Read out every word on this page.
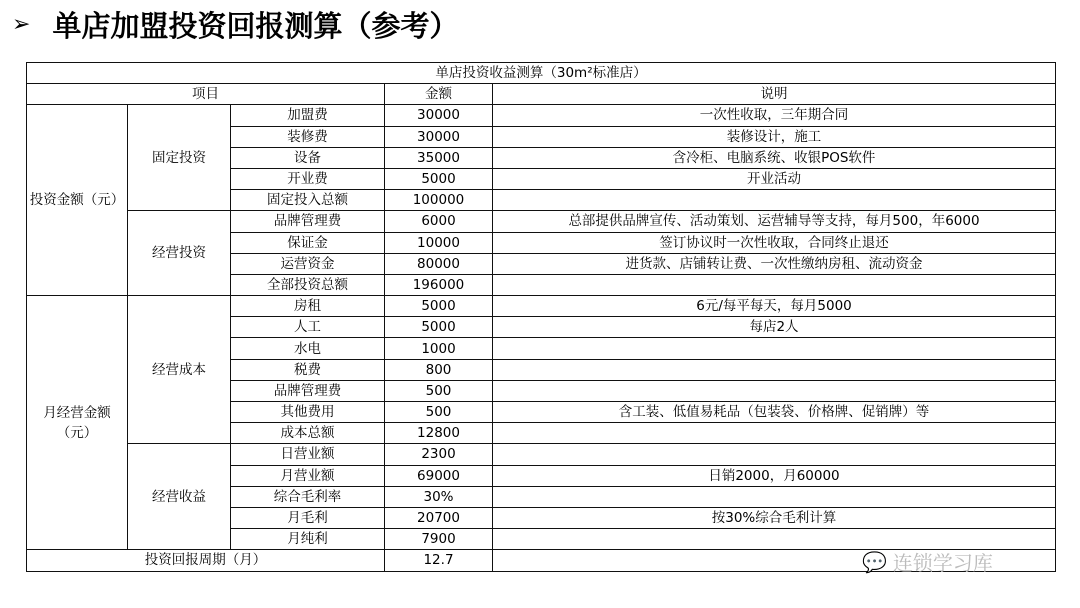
➢ 单店加盟投资回报测算（参考）
单店投资收益测算（30m²标准店）				
项目			金额	说明
投资金额（元）	固定投资	加盟费	30000	一次性收取，三年期合同
		装修费	30000	装修设计，施工
		设备	35000	含冷柜、电脑系统、收银POS软件
		开业费	5000	开业活动
		固定投入总额	100000	
	经营投资	品牌管理费	6000	总部提供品牌宣传、活动策划、运营辅导等支持，每月500，年6000
		保证金	10000	签订协议时一次性收取，合同终止退还
		运营资金	80000	进货款、店铺转让费、一次性缴纳房租、流动资金
		全部投资总额	196000	
月经营金额（元）	经营成本	房租	5000	6元/每平每天，每月5000
		人工	5000	每店2人
		水电	1000	
		税费	800	
		品牌管理费	500	
		其他费用	500	含工装、低值易耗品（包装袋、价格牌、促销牌）等
		成本总额	12800	
	经营收益	日营业额	2300	
		月营业额	69000	日销2000，月60000
		综合毛利率	30%	
		月毛利	20700	按30%综合毛利计算
		月纯利	7900	
投资回报周期（月）			12.7		💬 连锁学习库
